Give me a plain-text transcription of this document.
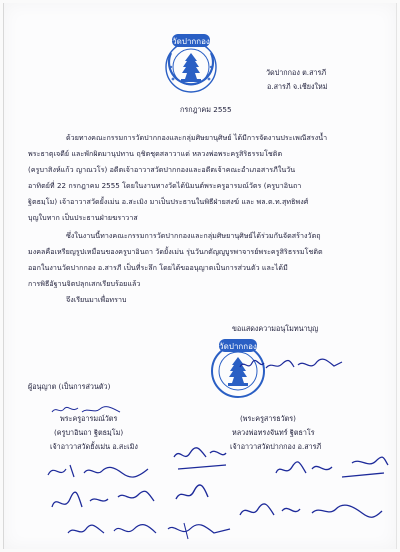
วัดปากกอง
วัดปากกอง ต.สารภี
อ.สารภี จ.เชียงใหม่
กรกฎาคม 2555
ด้วยทางคณะกรรมการวัดปากกองและกลุ่มศิษยานุศิษย์ ได้มีการจัดงานประเพณีสรงน้ำ
พระธาตุเจดีย์ และพักผิดมานุปทาน ฤชิตชุดสลาวาแด่ หลวงพ่อพระครูสิริธรรมโชติต
(ครูบาสิงห์แก้ว ญาณวโร) อดีตเจ้าอาวาสวัดปากกองและอดีตเจ้าคณะอำเภอสารภีในวัน
อาทิตย์ที่ 22 กรกฎาคม 2555 โดยในงานทางวัดได้นิมนต์พระครูอารมณ์วัตร (ครูบาอินถา
ฐิตธมฺโม) เจ้าอาวาสวัดยั้งเม่น อ.สะเมิง มาเป็นประธานในพิธีฝ่ายสงฆ์ และ พล.ต.ท.สุทธิพงศ์
บุญใบทาก เป็นประธานฝ่ายฆราวาส
ซึ่งในงานนี้ทางคณะกรรมการวัดปากกองและกลุ่มศิษยานุศิษย์ได้ร่วมกันจัดสร้างวัตถุ
มงคลคือเหรียญรูปเหมือนของครูบาอินถา วัดยั้งเม่น รุ่นวันกตัญญูบูรพาจารย์พระครูสิริธรรมโชติต
ออกในงานวัดปากกอง อ.สารภี เป็นที่ระลึก โดยได้ขออนุญาตเป็นการส่วนตัว และได้มี
การพิธีอัฐานจิตปลุกเสกเรียบร้อยแล้ว
จึงเรียนมาเพื่อทราบ
ขอแสดงความอนุโมทนาบุญ
วัดปากกอง
ผู้อนุญาต (เป็นการส่วนตัว)
พระครูอารมณ์วัตร
(ครูบาอินถา ฐิตธมฺโม)
เจ้าอาวาสวัดยั้งเม่น อ.สะเมิง
(พระครูสารธวัตร)
หลวงพ่อทรงจันทร์ ฐิตธาโร
เจ้าอาวาสวัดปากกอง อ.สารภี
